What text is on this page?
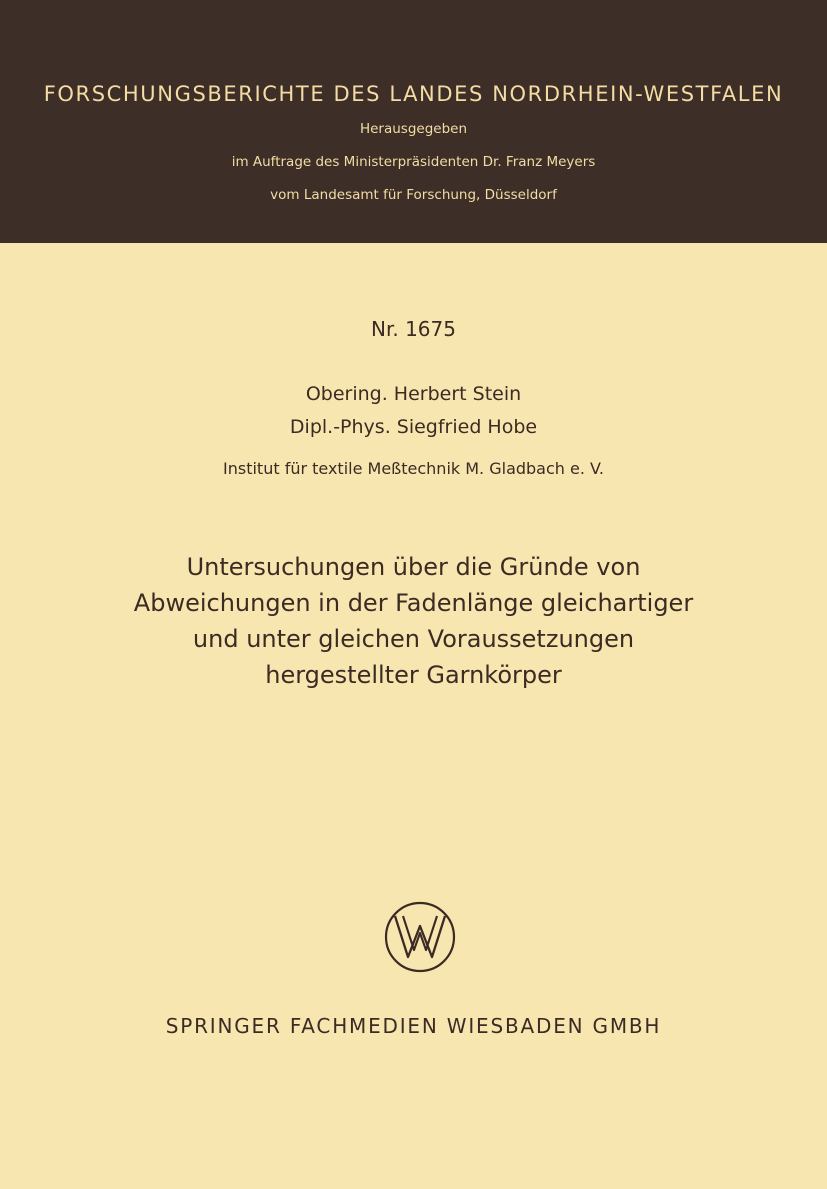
FORSCHUNGSBERICHTE DES LANDES NORDRHEIN-WESTFALEN
Herausgegeben
im Auftrage des Ministerpräsidenten Dr. Franz Meyers
vom Landesamt für Forschung, Düsseldorf
Nr. 1675
Obering. Herbert Stein
Dipl.-Phys. Siegfried Hobe
Institut für textile Meßtechnik M. Gladbach e. V.
Untersuchungen über die Gründe von
Abweichungen in der Fadenlänge gleichartiger
und unter gleichen Voraussetzungen
hergestellter Garnkörper
SPRINGER FACHMEDIEN WIESBADEN GMBH
